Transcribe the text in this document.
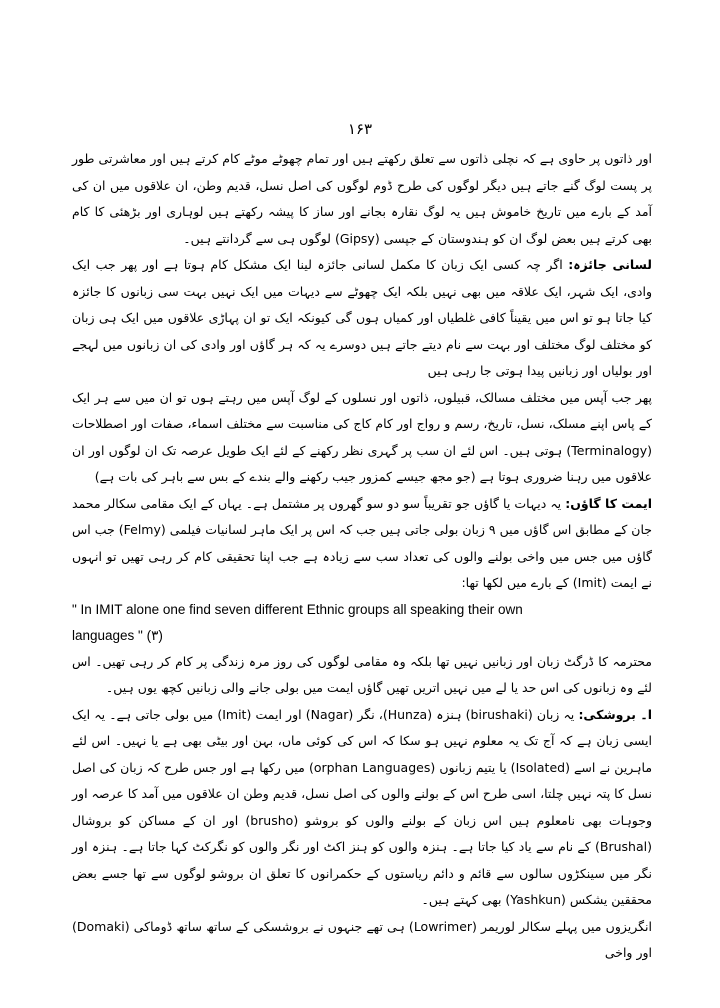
۱۶۳

اور ذاتوں پر حاوی ہے کہ نچلی ذاتوں سے تعلق رکھتے ہیں اور تمام چھوٹے موٹے کام کرتے ہیں اور معاشرتی طور پر پست لوگ گنے جاتے ہیں دیگر لوگوں کی طرح ڈوم لوگوں کی اصل نسل، قدیم وطن، ان علاقوں میں ان کی آمد کے بارے میں تاریخ خاموش ہیں یہ لوگ نقارہ بجانے اور ساز کا پیشہ رکھتے ہیں لوہاری اور بڑھئی کا کام بھی کرتے ہیں بعض لوگ ان کو ہندوستان کے جپسی (Gipsy) لوگوں ہی سے گردانتے ہیں۔

لسانی جائزہ: اگر چہ کسی ایک زبان کا مکمل لسانی جائزہ لینا ایک مشکل کام ہوتا ہے اور پھر جب ایک وادی، ایک شہر، ایک علاقہ میں بھی نہیں بلکہ ایک چھوٹے سے دیہات میں ایک نہیں بہت سی زبانوں کا جائزہ کیا جاتا ہو تو اس میں یقیناً کافی غلطیاں اور کمیاں ہوں گی کیونکہ ایک تو ان پہاڑی علاقوں میں ایک ہی زبان کو مختلف لوگ مختلف اور بہت سے نام دیتے جاتے ہیں دوسرے یہ کہ ہر گاؤں اور وادی کی ان زبانوں میں لہجے اور بولیاں اور زبانیں پیدا ہوتی جا رہی ہیں

پھر جب آپس میں مختلف مسالک، قبیلوں، ذاتوں اور نسلوں کے لوگ آپس میں رہتے ہوں تو ان میں سے ہر ایک کے پاس اپنے مسلک، نسل، تاریخ، رسم و رواج اور کام کاج کی مناسبت سے مختلف اسماء، صفات اور اصطلاحات (Terminalogy) ہوتی ہیں۔ اس لئے ان سب پر گہری نظر رکھنے کے لئے ایک طویل عرصہ تک ان لوگوں اور ان علاقوں میں رہنا ضروری ہوتا ہے (جو مجھ جیسے کمزور جیب رکھنے والے بندے کے بس سے باہر کی بات ہے)

ایمت کا گاؤں: یہ دیہات یا گاؤں جو تقریباً سو دو سو گھروں پر مشتمل ہے۔ یہاں کے ایک مقامی سکالر محمد جان کے مطابق اس گاؤں میں ۹ زبان بولی جاتی ہیں جب کہ اس پر ایک ماہر لسانیات فیلمی (Felmy) جب اس گاؤں میں جس میں واخی بولنے والوں کی تعداد سب سے زیادہ ہے جب اپنا تحقیقی کام کر رہی تھیں تو انہوں نے ایمت (Imit) کے بارے میں لکھا تھا:

" In IMIT alone one find seven different Ethnic groups all speaking their own
languages " (۳)

محترمہ کا ڈرگٹ زبان اور زبانیں نہیں تھا بلکہ وہ مقامی لوگوں کی روز مرہ زندگی پر کام کر رہی تھیں۔ اس لئے وہ زبانوں کی اس حد یا لے میں نہیں اتریں تھیں گاؤں ایمت میں بولی جانے والی زبانیں کچھ یوں ہیں۔

ا۔ بروشکی: یہ زبان (birushaki) ہنزہ (Hunza)، نگر (Nagar) اور ایمت (Imit) میں بولی جاتی ہے۔ یہ ایک ایسی زبان ہے کہ آج تک یہ معلوم نہیں ہو سکا کہ اس کی کوئی ماں، بہن اور بیٹی بھی ہے یا نہیں۔ اس لئے ماہرین نے اسے (Isolated) یا یتیم زبانوں (orphan Languages) میں رکھا ہے اور جس طرح کہ زبان کی اصل نسل کا پتہ نہیں چلتا، اسی طرح اس کے بولنے والوں کی اصل نسل، قدیم وطن ان علاقوں میں آمد کا عرصہ اور وجوہات بھی نامعلوم ہیں اس زبان کے بولنے والوں کو بروشو (brusho) اور ان کے مساکن کو بروشال (Brushal) کے نام سے یاد کیا جاتا ہے۔ ہنزہ والوں کو ہنز اکٹ اور نگر والوں کو نگرکٹ کہا جاتا ہے۔ ہنزہ اور نگر میں سینکڑوں سالوں سے قائم و دائم ریاستوں کے حکمرانوں کا تعلق ان بروشو لوگوں سے تھا جسے بعض محققین یشکس (Yashkun) بھی کہتے ہیں۔

انگریزوں میں پہلے سکالر لوریمر (Lowrimer) ہی تھے جنہوں نے بروشسکی کے ساتھ ساتھ ڈوماکی (Domaki) اور واخی
